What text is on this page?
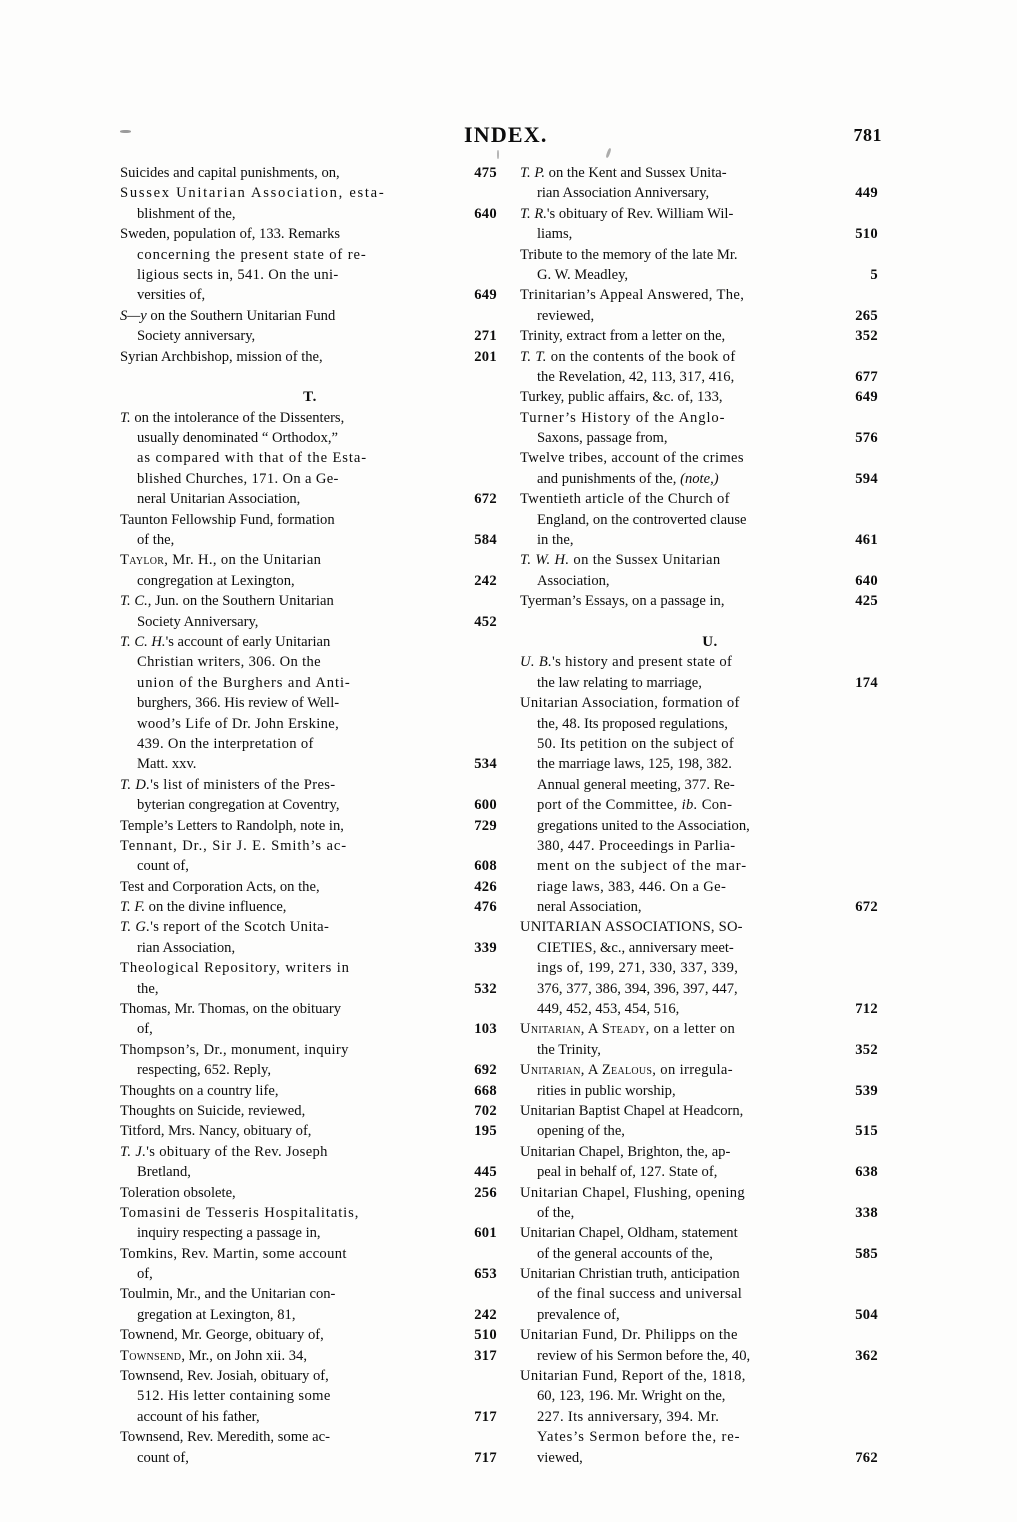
INDEX.	781
Suicides and capital punishments, on,	475
Sussex Unitarian Association, esta-
blishment of the,	640
Sweden, population of, 133. Remarks
concerning the present state of re-
ligious sects in, 541. On the uni-
versities of,	649
S—y on the Southern Unitarian Fund
Society anniversary,	271
Syrian Archbishop, mission of the,	201
T.
T. on the intolerance of the Dissenters,
usually denominated “ Orthodox,”
as compared with that of the Esta-
blished Churches, 171. On a Ge-
neral Unitarian Association,	672
Taunton Fellowship Fund, formation
of the,	584
Taylor, Mr. H., on the Unitarian
congregation at Lexington,	242
T. C., Jun. on the Southern Unitarian
Society Anniversary,	452
T. C. H.'s account of early Unitarian
Christian writers, 306. On the
union of the Burghers and Anti-
burghers, 366. His review of Well-
wood’s Life of Dr. John Erskine,
439. On the interpretation of
Matt. xxv.	534
T. D.'s list of ministers of the Pres-
byterian congregation at Coventry,	600
Temple’s Letters to Randolph, note in,	729
Tennant, Dr., Sir J. E. Smith’s ac-
count of,	608
Test and Corporation Acts, on the,	426
T. F. on the divine influence,	476
T. G.'s report of the Scotch Unita-
rian Association,	339
Theological Repository, writers in
the,	532
Thomas, Mr. Thomas, on the obituary
of,	103
Thompson’s, Dr., monument, inquiry
respecting, 652. Reply,	692
Thoughts on a country life,	668
Thoughts on Suicide, reviewed,	702
Titford, Mrs. Nancy, obituary of,	195
T. J.'s obituary of the Rev. Joseph
Bretland,	445
Toleration obsolete,	256
Tomasini de Tesseris Hospitalitatis,
inquiry respecting a passage in,	601
Tomkins, Rev. Martin, some account
of,	653
Toulmin, Mr., and the Unitarian con-
gregation at Lexington, 81,	242
Townend, Mr. George, obituary of,	510
Townsend, Mr., on John xii. 34,	317
Townsend, Rev. Josiah, obituary of,
512. His letter containing some
account of his father,	717
Townsend, Rev. Meredith, some ac-
count of,	717
T. P. on the Kent and Sussex Unita-
rian Association Anniversary,	449
T. R.'s obituary of Rev. William Wil-
liams,	510
Tribute to the memory of the late Mr.
G. W. Meadley,	5
Trinitarian’s Appeal Answered, The,
reviewed,	265
Trinity, extract from a letter on the,	352
T. T. on the contents of the book of
the Revelation, 42, 113, 317, 416,	677
Turkey, public affairs, &c. of, 133,	649
Turner’s History of the Anglo-
Saxons, passage from,	576
Twelve tribes, account of the crimes
and punishments of the, (note,)	594
Twentieth article of the Church of
England, on the controverted clause
in the,	461
T. W. H. on the Sussex Unitarian
Association,	640
Tyerman’s Essays, on a passage in,	425
U.
U. B.'s history and present state of
the law relating to marriage,	174
Unitarian Association, formation of
the, 48. Its proposed regulations,
50. Its petition on the subject of
the marriage laws, 125, 198, 382.
Annual general meeting, 377. Re-
port of the Committee, ib. Con-
gregations united to the Association,
380, 447. Proceedings in Parlia-
ment on the subject of the mar-
riage laws, 383, 446. On a Ge-
neral Association,	672
UNITARIAN ASSOCIATIONS, SO-
CIETIES, &c., anniversary meet-
ings of, 199, 271, 330, 337, 339,
376, 377, 386, 394, 396, 397, 447,
449, 452, 453, 454, 516,	712
Unitarian, A Steady, on a letter on
the Trinity,	352
Unitarian, A Zealous, on irregula-
rities in public worship,	539
Unitarian Baptist Chapel at Headcorn,
opening of the,	515
Unitarian Chapel, Brighton, the, ap-
peal in behalf of, 127. State of,	638
Unitarian Chapel, Flushing, opening
of the,	338
Unitarian Chapel, Oldham, statement
of the general accounts of the,	585
Unitarian Christian truth, anticipation
of the final success and universal
prevalence of,	504
Unitarian Fund, Dr. Philipps on the
review of his Sermon before the, 40,	362
Unitarian Fund, Report of the, 1818,
60, 123, 196. Mr. Wright on the,
227. Its anniversary, 394. Mr.
Yates’s Sermon before the, re-
viewed,	762
